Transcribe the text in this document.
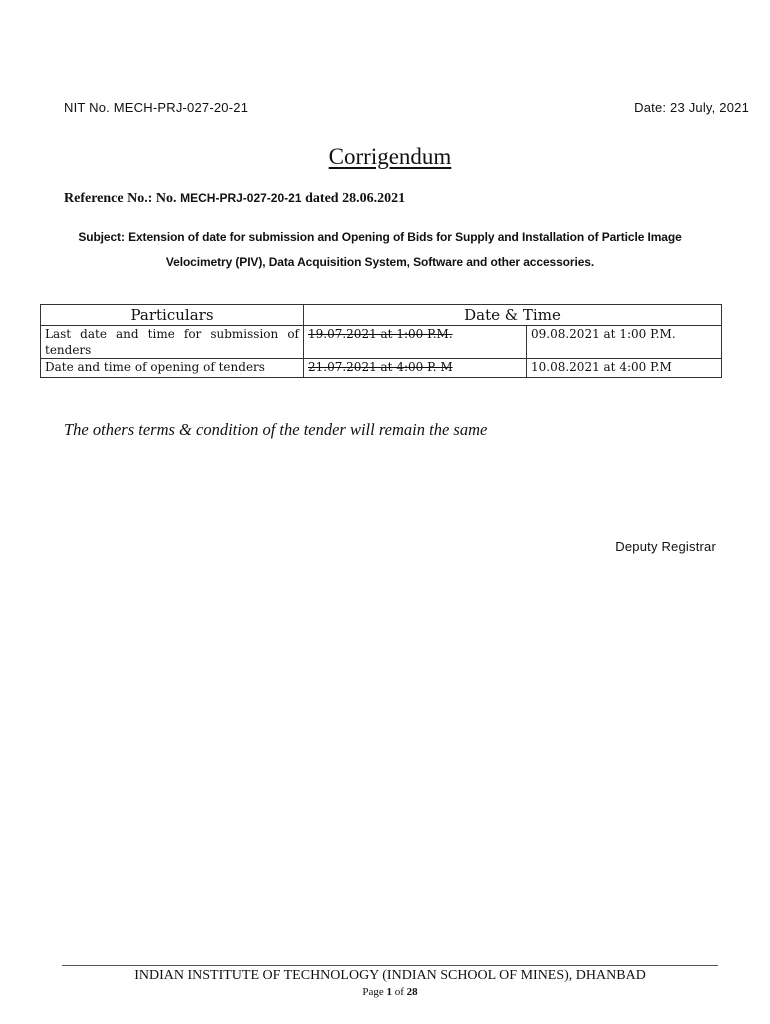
NIT No. MECH-PRJ-027-20-21	Date: 23 July, 2021
Corrigendum
Reference No.: No. MECH-PRJ-027-20-21 dated 28.06.2021
Subject: Extension of date for submission and Opening of Bids for Supply and Installation of Particle Image
Velocimetry (PIV), Data Acquisition System, Software and other accessories.
Particulars	Date & Time	
Last date and time for submission of tenders	19.07.2021 at 1:00 P.M.	09.08.2021 at 1:00 P.M.
Date and time of opening of tenders	21.07.2021 at 4:00 P. M	10.08.2021 at 4:00 P.M
The others terms & condition of the tender will remain the same
Deputy Registrar
INDIAN INSTITUTE OF TECHNOLOGY (INDIAN SCHOOL OF MINES), DHANBAD
Page 1 of 28
